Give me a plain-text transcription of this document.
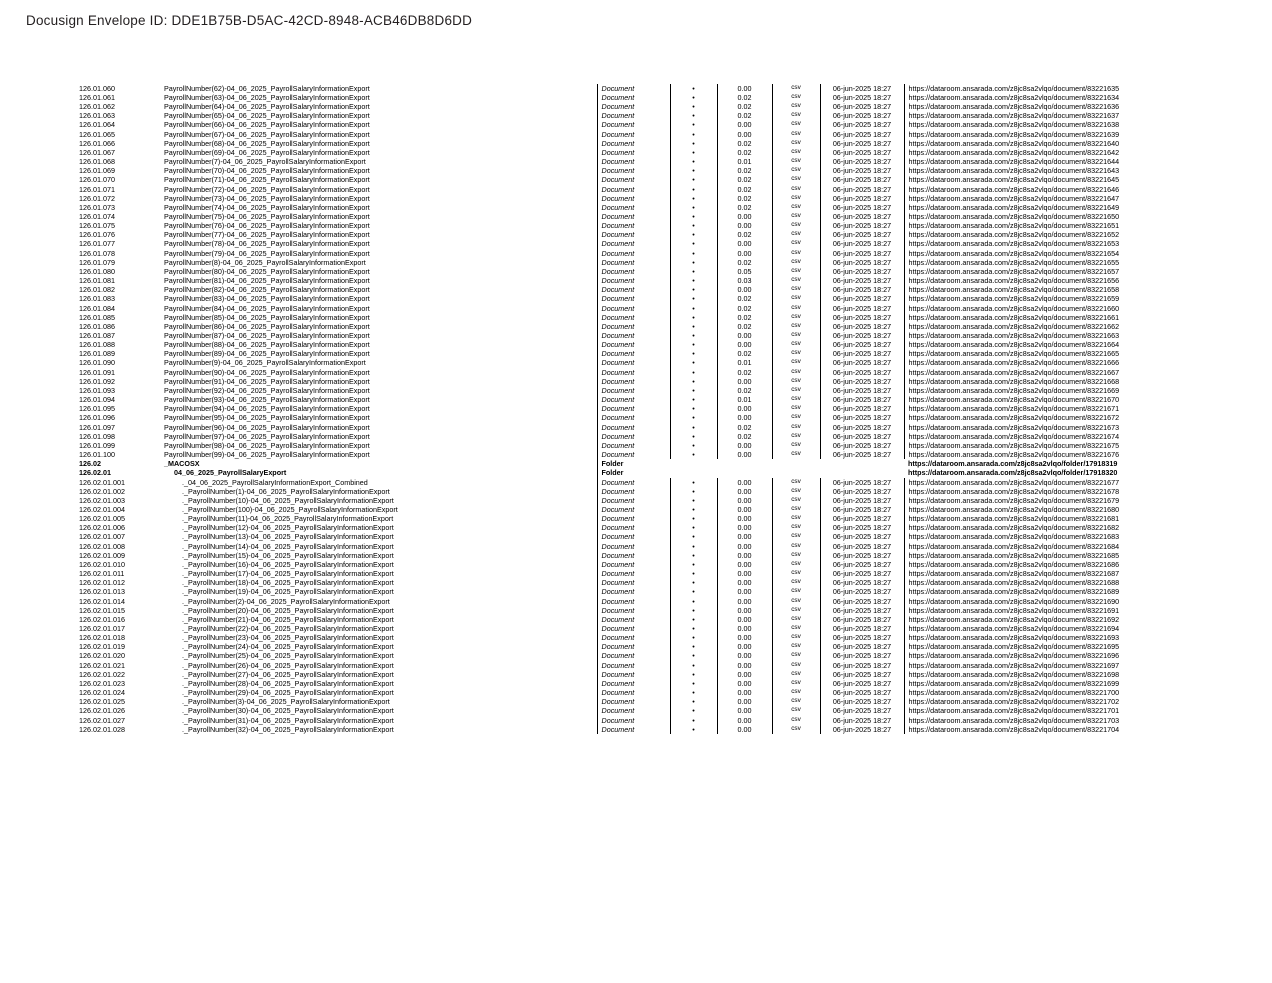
Docusign Envelope ID: DDE1B75B-D5AC-42CD-8948-ACB46DB8D6DD
126.01.060	PayrollNumber(62)-04_06_2025_PayrollSalaryInformationExport	Document	•	0.00	csv	06-jun-2025 18:27	https://dataroom.ansarada.com/z8jc8sa2vlqo/document/83221635
126.01.061	PayrollNumber(63)-04_06_2025_PayrollSalaryInformationExport	Document	•	0.02	csv	06-jun-2025 18:27	https://dataroom.ansarada.com/z8jc8sa2vlqo/document/83221634
126.01.062	PayrollNumber(64)-04_06_2025_PayrollSalaryInformationExport	Document	•	0.02	csv	06-jun-2025 18:27	https://dataroom.ansarada.com/z8jc8sa2vlqo/document/83221636
126.01.063	PayrollNumber(65)-04_06_2025_PayrollSalaryInformationExport	Document	•	0.02	csv	06-jun-2025 18:27	https://dataroom.ansarada.com/z8jc8sa2vlqo/document/83221637
126.01.064	PayrollNumber(66)-04_06_2025_PayrollSalaryInformationExport	Document	•	0.00	csv	06-jun-2025 18:27	https://dataroom.ansarada.com/z8jc8sa2vlqo/document/83221638
126.01.065	PayrollNumber(67)-04_06_2025_PayrollSalaryInformationExport	Document	•	0.00	csv	06-jun-2025 18:27	https://dataroom.ansarada.com/z8jc8sa2vlqo/document/83221639
126.01.066	PayrollNumber(68)-04_06_2025_PayrollSalaryInformationExport	Document	•	0.02	csv	06-jun-2025 18:27	https://dataroom.ansarada.com/z8jc8sa2vlqo/document/83221640
126.01.067	PayrollNumber(69)-04_06_2025_PayrollSalaryInformationExport	Document	•	0.02	csv	06-jun-2025 18:27	https://dataroom.ansarada.com/z8jc8sa2vlqo/document/83221642
126.01.068	PayrollNumber(7)-04_06_2025_PayrollSalaryInformationExport	Document	•	0.01	csv	06-jun-2025 18:27	https://dataroom.ansarada.com/z8jc8sa2vlqo/document/83221644
126.01.069	PayrollNumber(70)-04_06_2025_PayrollSalaryInformationExport	Document	•	0.02	csv	06-jun-2025 18:27	https://dataroom.ansarada.com/z8jc8sa2vlqo/document/83221643
126.01.070	PayrollNumber(71)-04_06_2025_PayrollSalaryInformationExport	Document	•	0.02	csv	06-jun-2025 18:27	https://dataroom.ansarada.com/z8jc8sa2vlqo/document/83221645
126.01.071	PayrollNumber(72)-04_06_2025_PayrollSalaryInformationExport	Document	•	0.02	csv	06-jun-2025 18:27	https://dataroom.ansarada.com/z8jc8sa2vlqo/document/83221646
126.01.072	PayrollNumber(73)-04_06_2025_PayrollSalaryInformationExport	Document	•	0.02	csv	06-jun-2025 18:27	https://dataroom.ansarada.com/z8jc8sa2vlqo/document/83221647
126.01.073	PayrollNumber(74)-04_06_2025_PayrollSalaryInformationExport	Document	•	0.02	csv	06-jun-2025 18:27	https://dataroom.ansarada.com/z8jc8sa2vlqo/document/83221649
126.01.074	PayrollNumber(75)-04_06_2025_PayrollSalaryInformationExport	Document	•	0.00	csv	06-jun-2025 18:27	https://dataroom.ansarada.com/z8jc8sa2vlqo/document/83221650
126.01.075	PayrollNumber(76)-04_06_2025_PayrollSalaryInformationExport	Document	•	0.00	csv	06-jun-2025 18:27	https://dataroom.ansarada.com/z8jc8sa2vlqo/document/83221651
126.01.076	PayrollNumber(77)-04_06_2025_PayrollSalaryInformationExport	Document	•	0.02	csv	06-jun-2025 18:27	https://dataroom.ansarada.com/z8jc8sa2vlqo/document/83221652
126.01.077	PayrollNumber(78)-04_06_2025_PayrollSalaryInformationExport	Document	•	0.00	csv	06-jun-2025 18:27	https://dataroom.ansarada.com/z8jc8sa2vlqo/document/83221653
126.01.078	PayrollNumber(79)-04_06_2025_PayrollSalaryInformationExport	Document	•	0.00	csv	06-jun-2025 18:27	https://dataroom.ansarada.com/z8jc8sa2vlqo/document/83221654
126.01.079	PayrollNumber(8)-04_06_2025_PayrollSalaryInformationExport	Document	•	0.02	csv	06-jun-2025 18:27	https://dataroom.ansarada.com/z8jc8sa2vlqo/document/83221655
126.01.080	PayrollNumber(80)-04_06_2025_PayrollSalaryInformationExport	Document	•	0.05	csv	06-jun-2025 18:27	https://dataroom.ansarada.com/z8jc8sa2vlqo/document/83221657
126.01.081	PayrollNumber(81)-04_06_2025_PayrollSalaryInformationExport	Document	•	0.03	csv	06-jun-2025 18:27	https://dataroom.ansarada.com/z8jc8sa2vlqo/document/83221656
126.01.082	PayrollNumber(82)-04_06_2025_PayrollSalaryInformationExport	Document	•	0.00	csv	06-jun-2025 18:27	https://dataroom.ansarada.com/z8jc8sa2vlqo/document/83221658
126.01.083	PayrollNumber(83)-04_06_2025_PayrollSalaryInformationExport	Document	•	0.02	csv	06-jun-2025 18:27	https://dataroom.ansarada.com/z8jc8sa2vlqo/document/83221659
126.01.084	PayrollNumber(84)-04_06_2025_PayrollSalaryInformationExport	Document	•	0.02	csv	06-jun-2025 18:27	https://dataroom.ansarada.com/z8jc8sa2vlqo/document/83221660
126.01.085	PayrollNumber(85)-04_06_2025_PayrollSalaryInformationExport	Document	•	0.02	csv	06-jun-2025 18:27	https://dataroom.ansarada.com/z8jc8sa2vlqo/document/83221661
126.01.086	PayrollNumber(86)-04_06_2025_PayrollSalaryInformationExport	Document	•	0.02	csv	06-jun-2025 18:27	https://dataroom.ansarada.com/z8jc8sa2vlqo/document/83221662
126.01.087	PayrollNumber(87)-04_06_2025_PayrollSalaryInformationExport	Document	•	0.00	csv	06-jun-2025 18:27	https://dataroom.ansarada.com/z8jc8sa2vlqo/document/83221663
126.01.088	PayrollNumber(88)-04_06_2025_PayrollSalaryInformationExport	Document	•	0.00	csv	06-jun-2025 18:27	https://dataroom.ansarada.com/z8jc8sa2vlqo/document/83221664
126.01.089	PayrollNumber(89)-04_06_2025_PayrollSalaryInformationExport	Document	•	0.02	csv	06-jun-2025 18:27	https://dataroom.ansarada.com/z8jc8sa2vlqo/document/83221665
126.01.090	PayrollNumber(9)-04_06_2025_PayrollSalaryInformationExport	Document	•	0.01	csv	06-jun-2025 18:27	https://dataroom.ansarada.com/z8jc8sa2vlqo/document/83221666
126.01.091	PayrollNumber(90)-04_06_2025_PayrollSalaryInformationExport	Document	•	0.02	csv	06-jun-2025 18:27	https://dataroom.ansarada.com/z8jc8sa2vlqo/document/83221667
126.01.092	PayrollNumber(91)-04_06_2025_PayrollSalaryInformationExport	Document	•	0.00	csv	06-jun-2025 18:27	https://dataroom.ansarada.com/z8jc8sa2vlqo/document/83221668
126.01.093	PayrollNumber(92)-04_06_2025_PayrollSalaryInformationExport	Document	•	0.02	csv	06-jun-2025 18:27	https://dataroom.ansarada.com/z8jc8sa2vlqo/document/83221669
126.01.094	PayrollNumber(93)-04_06_2025_PayrollSalaryInformationExport	Document	•	0.01	csv	06-jun-2025 18:27	https://dataroom.ansarada.com/z8jc8sa2vlqo/document/83221670
126.01.095	PayrollNumber(94)-04_06_2025_PayrollSalaryInformationExport	Document	•	0.00	csv	06-jun-2025 18:27	https://dataroom.ansarada.com/z8jc8sa2vlqo/document/83221671
126.01.096	PayrollNumber(95)-04_06_2025_PayrollSalaryInformationExport	Document	•	0.00	csv	06-jun-2025 18:27	https://dataroom.ansarada.com/z8jc8sa2vlqo/document/83221672
126.01.097	PayrollNumber(96)-04_06_2025_PayrollSalaryInformationExport	Document	•	0.02	csv	06-jun-2025 18:27	https://dataroom.ansarada.com/z8jc8sa2vlqo/document/83221673
126.01.098	PayrollNumber(97)-04_06_2025_PayrollSalaryInformationExport	Document	•	0.02	csv	06-jun-2025 18:27	https://dataroom.ansarada.com/z8jc8sa2vlqo/document/83221674
126.01.099	PayrollNumber(98)-04_06_2025_PayrollSalaryInformationExport	Document	•	0.00	csv	06-jun-2025 18:27	https://dataroom.ansarada.com/z8jc8sa2vlqo/document/83221675
126.01.100	PayrollNumber(99)-04_06_2025_PayrollSalaryInformationExport	Document	•	0.00	csv	06-jun-2025 18:27	https://dataroom.ansarada.com/z8jc8sa2vlqo/document/83221676
126.02	_MACOSX	Folder					https://dataroom.ansarada.com/z8jc8sa2vlqo/folder/17918319
126.02.01	04_06_2025_PayrollSalaryExport	Folder					https://dataroom.ansarada.com/z8jc8sa2vlqo/folder/17918320
126.02.01.001	._04_06_2025_PayrollSalaryInformationExport_Combined	Document	•	0.00	csv	06-jun-2025 18:27	https://dataroom.ansarada.com/z8jc8sa2vlqo/document/83221677
126.02.01.002	._PayrollNumber(1)-04_06_2025_PayrollSalaryInformationExport	Document	•	0.00	csv	06-jun-2025 18:27	https://dataroom.ansarada.com/z8jc8sa2vlqo/document/83221678
126.02.01.003	._PayrollNumber(10)-04_06_2025_PayrollSalaryInformationExport	Document	•	0.00	csv	06-jun-2025 18:27	https://dataroom.ansarada.com/z8jc8sa2vlqo/document/83221679
126.02.01.004	._PayrollNumber(100)-04_06_2025_PayrollSalaryInformationExport	Document	•	0.00	csv	06-jun-2025 18:27	https://dataroom.ansarada.com/z8jc8sa2vlqo/document/83221680
126.02.01.005	._PayrollNumber(11)-04_06_2025_PayrollSalaryInformationExport	Document	•	0.00	csv	06-jun-2025 18:27	https://dataroom.ansarada.com/z8jc8sa2vlqo/document/83221681
126.02.01.006	._PayrollNumber(12)-04_06_2025_PayrollSalaryInformationExport	Document	•	0.00	csv	06-jun-2025 18:27	https://dataroom.ansarada.com/z8jc8sa2vlqo/document/83221682
126.02.01.007	._PayrollNumber(13)-04_06_2025_PayrollSalaryInformationExport	Document	•	0.00	csv	06-jun-2025 18:27	https://dataroom.ansarada.com/z8jc8sa2vlqo/document/83221683
126.02.01.008	._PayrollNumber(14)-04_06_2025_PayrollSalaryInformationExport	Document	•	0.00	csv	06-jun-2025 18:27	https://dataroom.ansarada.com/z8jc8sa2vlqo/document/83221684
126.02.01.009	._PayrollNumber(15)-04_06_2025_PayrollSalaryInformationExport	Document	•	0.00	csv	06-jun-2025 18:27	https://dataroom.ansarada.com/z8jc8sa2vlqo/document/83221685
126.02.01.010	._PayrollNumber(16)-04_06_2025_PayrollSalaryInformationExport	Document	•	0.00	csv	06-jun-2025 18:27	https://dataroom.ansarada.com/z8jc8sa2vlqo/document/83221686
126.02.01.011	._PayrollNumber(17)-04_06_2025_PayrollSalaryInformationExport	Document	•	0.00	csv	06-jun-2025 18:27	https://dataroom.ansarada.com/z8jc8sa2vlqo/document/83221687
126.02.01.012	._PayrollNumber(18)-04_06_2025_PayrollSalaryInformationExport	Document	•	0.00	csv	06-jun-2025 18:27	https://dataroom.ansarada.com/z8jc8sa2vlqo/document/83221688
126.02.01.013	._PayrollNumber(19)-04_06_2025_PayrollSalaryInformationExport	Document	•	0.00	csv	06-jun-2025 18:27	https://dataroom.ansarada.com/z8jc8sa2vlqo/document/83221689
126.02.01.014	._PayrollNumber(2)-04_06_2025_PayrollSalaryInformationExport	Document	•	0.00	csv	06-jun-2025 18:27	https://dataroom.ansarada.com/z8jc8sa2vlqo/document/83221690
126.02.01.015	._PayrollNumber(20)-04_06_2025_PayrollSalaryInformationExport	Document	•	0.00	csv	06-jun-2025 18:27	https://dataroom.ansarada.com/z8jc8sa2vlqo/document/83221691
126.02.01.016	._PayrollNumber(21)-04_06_2025_PayrollSalaryInformationExport	Document	•	0.00	csv	06-jun-2025 18:27	https://dataroom.ansarada.com/z8jc8sa2vlqo/document/83221692
126.02.01.017	._PayrollNumber(22)-04_06_2025_PayrollSalaryInformationExport	Document	•	0.00	csv	06-jun-2025 18:27	https://dataroom.ansarada.com/z8jc8sa2vlqo/document/83221694
126.02.01.018	._PayrollNumber(23)-04_06_2025_PayrollSalaryInformationExport	Document	•	0.00	csv	06-jun-2025 18:27	https://dataroom.ansarada.com/z8jc8sa2vlqo/document/83221693
126.02.01.019	._PayrollNumber(24)-04_06_2025_PayrollSalaryInformationExport	Document	•	0.00	csv	06-jun-2025 18:27	https://dataroom.ansarada.com/z8jc8sa2vlqo/document/83221695
126.02.01.020	._PayrollNumber(25)-04_06_2025_PayrollSalaryInformationExport	Document	•	0.00	csv	06-jun-2025 18:27	https://dataroom.ansarada.com/z8jc8sa2vlqo/document/83221696
126.02.01.021	._PayrollNumber(26)-04_06_2025_PayrollSalaryInformationExport	Document	•	0.00	csv	06-jun-2025 18:27	https://dataroom.ansarada.com/z8jc8sa2vlqo/document/83221697
126.02.01.022	._PayrollNumber(27)-04_06_2025_PayrollSalaryInformationExport	Document	•	0.00	csv	06-jun-2025 18:27	https://dataroom.ansarada.com/z8jc8sa2vlqo/document/83221698
126.02.01.023	._PayrollNumber(28)-04_06_2025_PayrollSalaryInformationExport	Document	•	0.00	csv	06-jun-2025 18:27	https://dataroom.ansarada.com/z8jc8sa2vlqo/document/83221699
126.02.01.024	._PayrollNumber(29)-04_06_2025_PayrollSalaryInformationExport	Document	•	0.00	csv	06-jun-2025 18:27	https://dataroom.ansarada.com/z8jc8sa2vlqo/document/83221700
126.02.01.025	._PayrollNumber(3)-04_06_2025_PayrollSalaryInformationExport	Document	•	0.00	csv	06-jun-2025 18:27	https://dataroom.ansarada.com/z8jc8sa2vlqo/document/83221702
126.02.01.026	._PayrollNumber(30)-04_06_2025_PayrollSalaryInformationExport	Document	•	0.00	csv	06-jun-2025 18:27	https://dataroom.ansarada.com/z8jc8sa2vlqo/document/83221701
126.02.01.027	._PayrollNumber(31)-04_06_2025_PayrollSalaryInformationExport	Document	•	0.00	csv	06-jun-2025 18:27	https://dataroom.ansarada.com/z8jc8sa2vlqo/document/83221703
126.02.01.028	._PayrollNumber(32)-04_06_2025_PayrollSalaryInformationExport	Document	•	0.00	csv	06-jun-2025 18:27	https://dataroom.ansarada.com/z8jc8sa2vlqo/document/83221704
